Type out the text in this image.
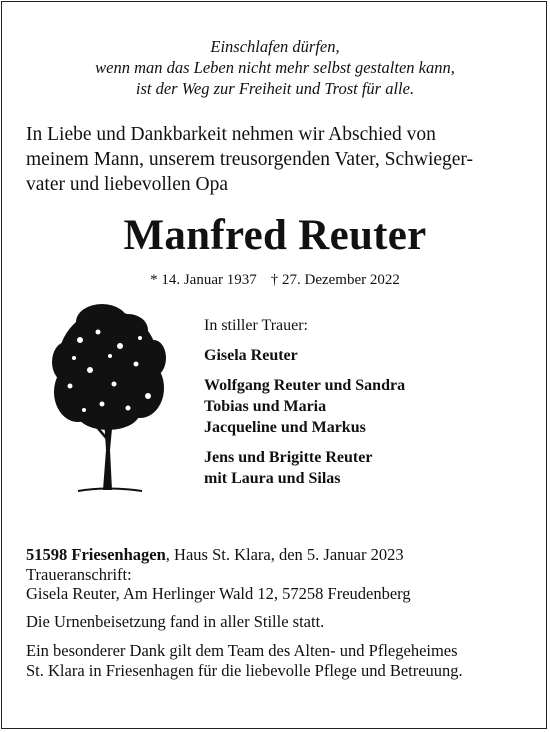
Einschlafen dürfen,
wenn man das Leben nicht mehr selbst gestalten kann,
ist der Weg zur Freiheit und Trost für alle.
In Liebe und Dankbarkeit nehmen wir Abschied von
meinem Mann, unserem treusorgenden Vater, Schwieger-
vater und liebevollen Opa
Manfred Reuter
* 14. Januar 1937 † 27. Dezember 2022
In stiller Trauer:
Gisela Reuter
Wolfgang Reuter und Sandra
Tobias und Maria
Jacqueline und Markus
Jens und Brigitte Reuter
mit Laura und Silas
51598 Friesenhagen, Haus St. Klara, den 5. Januar 2023
Traueranschrift:
Gisela Reuter, Am Herlinger Wald 12, 57258 Freudenberg
Die Urnenbeisetzung fand in aller Stille statt.
Ein besonderer Dank gilt dem Team des Alten- und Pflegeheimes
St. Klara in Friesenhagen für die liebevolle Pflege und Betreuung.
